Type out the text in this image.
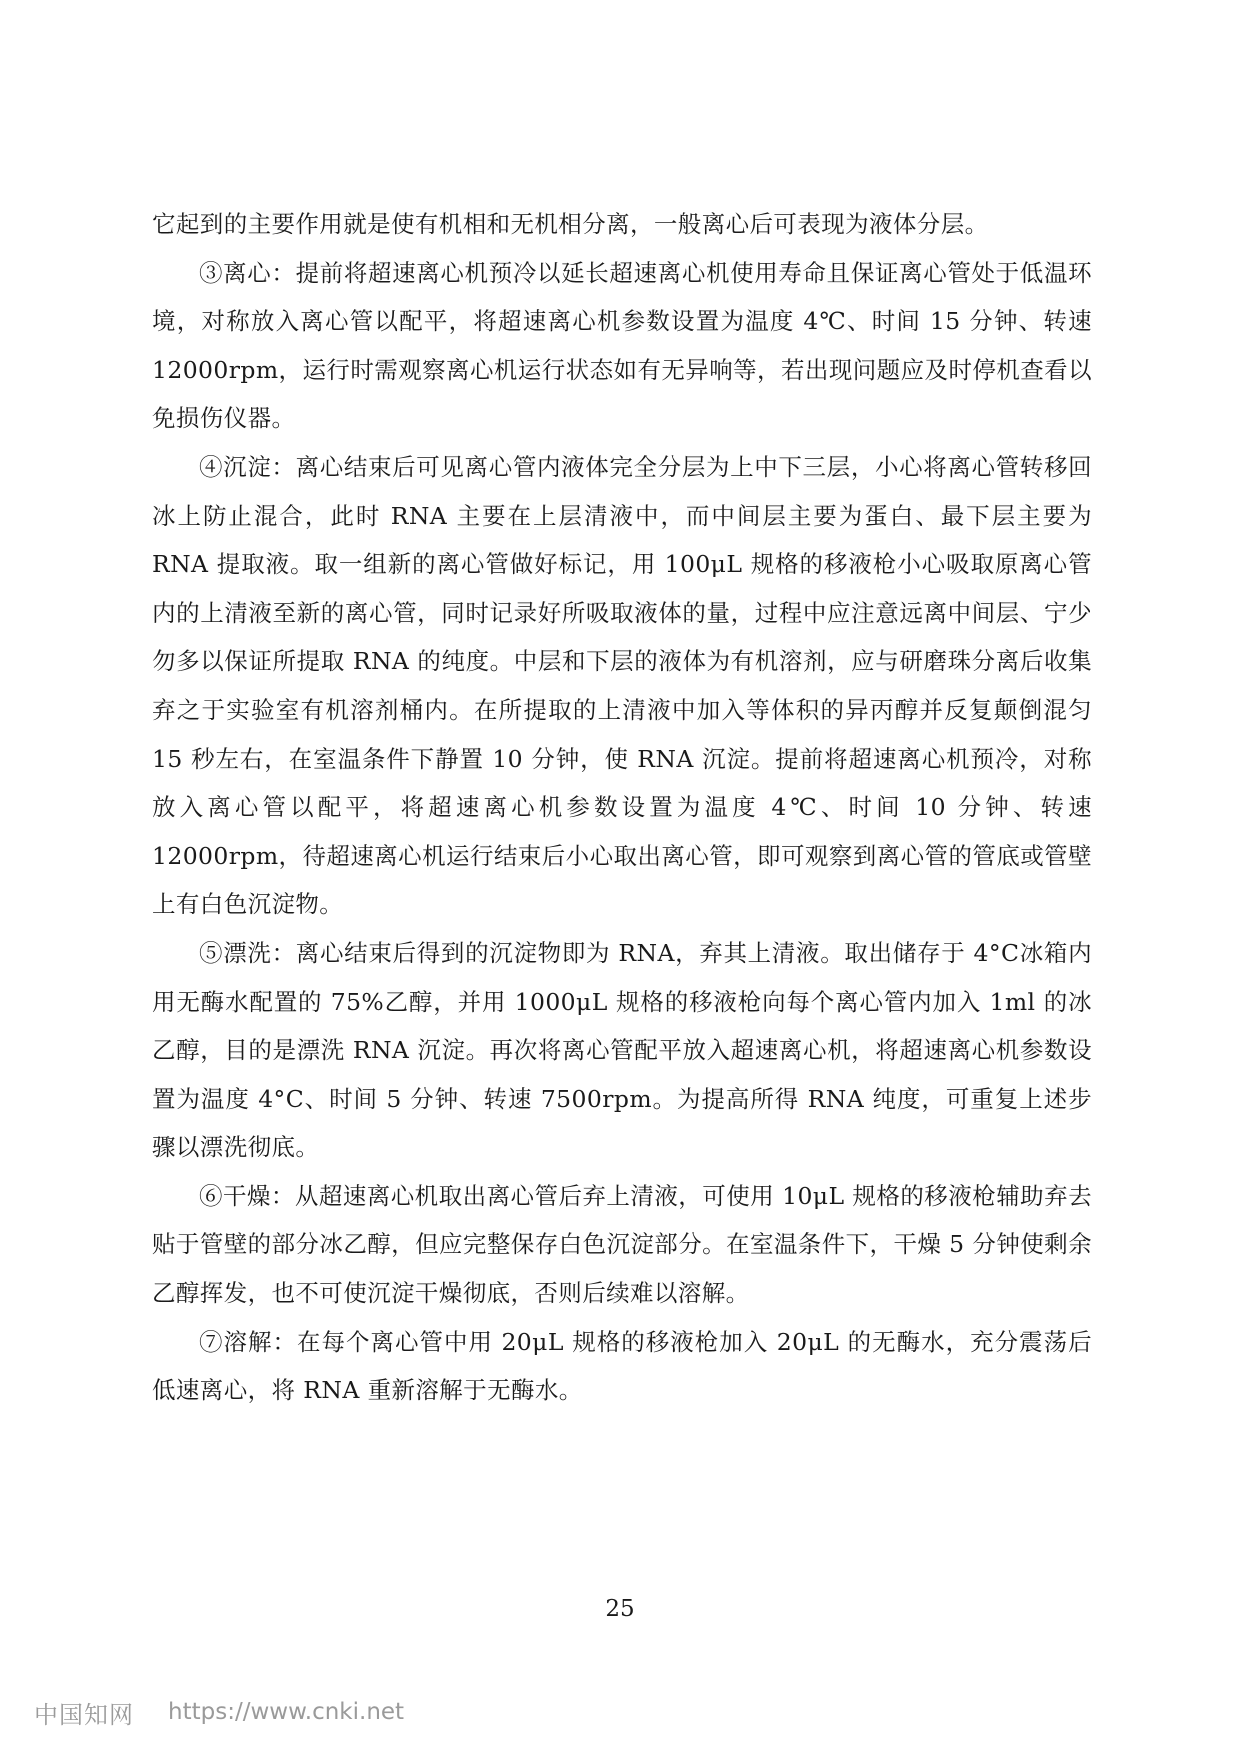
它起到的主要作用就是使有机相和无机相分离，一般离心后可表现为液体分层。

③离心：提前将超速离心机预冷以延长超速离心机使用寿命且保证离心管处于低温环境，对称放入离心管以配平，将超速离心机参数设置为温度 4℃、时间 15 分钟、转速 12000rpm，运行时需观察离心机运行状态如有无异响等，若出现问题应及时停机查看以免损伤仪器。

④沉淀：离心结束后可见离心管内液体完全分层为上中下三层，小心将离心管转移回冰上防止混合，此时 RNA 主要在上层清液中，而中间层主要为蛋白、最下层主要为 RNA 提取液。取一组新的离心管做好标记，用 100μL 规格的移液枪小心吸取原离心管内的上清液至新的离心管，同时记录好所吸取液体的量，过程中应注意远离中间层、宁少勿多以保证所提取 RNA 的纯度。中层和下层的液体为有机溶剂，应与研磨珠分离后收集弃之于实验室有机溶剂桶内。在所提取的上清液中加入等体积的异丙醇并反复颠倒混匀 15 秒左右，在室温条件下静置 10 分钟，使 RNA 沉淀。提前将超速离心机预冷，对称放入离心管以配平，将超速离心机参数设置为温度 4℃、时间 10 分钟、转速 12000rpm，待超速离心机运行结束后小心取出离心管，即可观察到离心管的管底或管壁上有白色沉淀物。

⑤漂洗：离心结束后得到的沉淀物即为 RNA，弃其上清液。取出储存于 4°C冰箱内用无酶水配置的 75%乙醇，并用 1000μL 规格的移液枪向每个离心管内加入 1ml 的冰乙醇，目的是漂洗 RNA 沉淀。再次将离心管配平放入超速离心机，将超速离心机参数设置为温度 4°C、时间 5 分钟、转速 7500rpm。为提高所得 RNA 纯度，可重复上述步骤以漂洗彻底。

⑥干燥：从超速离心机取出离心管后弃上清液，可使用 10μL 规格的移液枪辅助弃去贴于管壁的部分冰乙醇，但应完整保存白色沉淀部分。在室温条件下，干燥 5 分钟使剩余乙醇挥发，也不可使沉淀干燥彻底，否则后续难以溶解。

⑦溶解：在每个离心管中用 20μL 规格的移液枪加入 20μL 的无酶水，充分震荡后低速离心，将 RNA 重新溶解于无酶水。

25
中国知网 https://www.cnki.net
